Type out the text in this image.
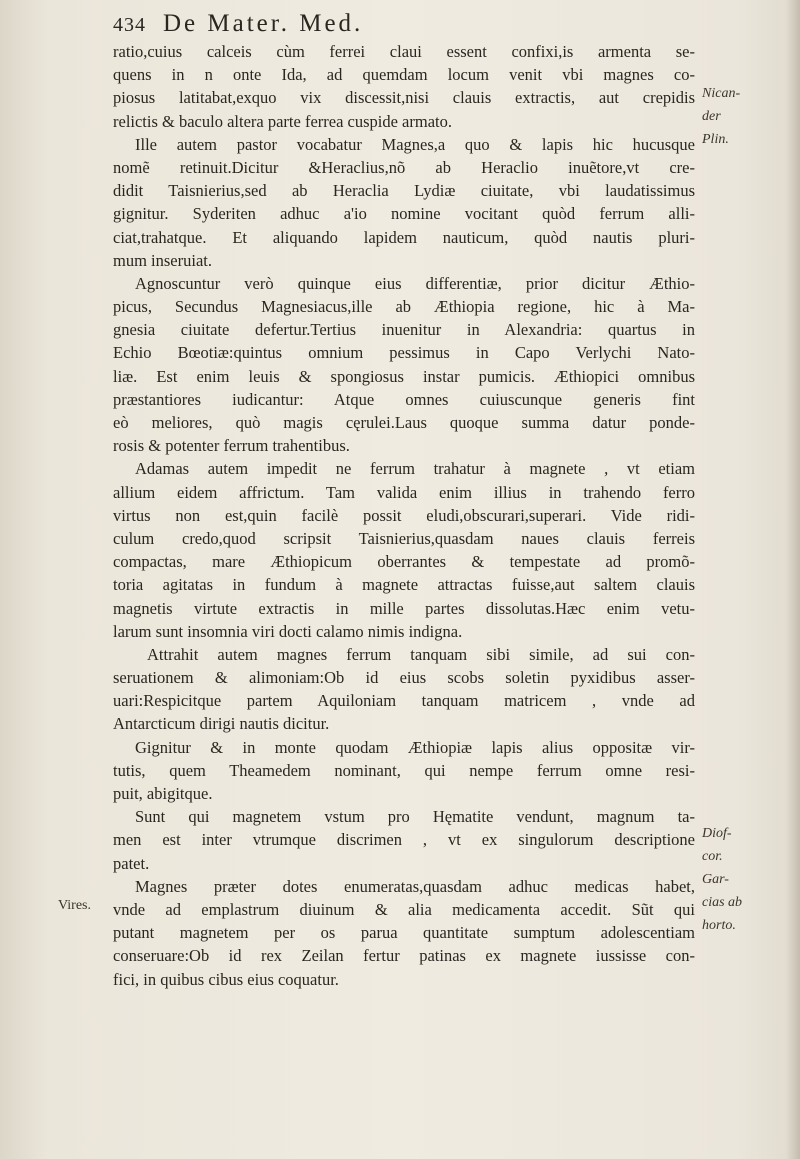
434 De Mater. Med.
ratio,cuius calceis cùm ferrei claui essent confixi,is armenta se-
quens in n onte Ida, ad quemdam locum venit vbi magnes co-
piosus latitabat,exquo vix discessit,nisi clauis extractis, aut crepidis
relictis & baculo altera parte ferrea cuspide armato.
Ille autem pastor vocabatur Magnes,a quo & lapis hic hucusque
nomẽ retinuit.Dicitur &Heraclius,nõ ab Heraclio inuẽtore,vt cre-
didit Taisnierius,sed ab Heraclia Lydiæ ciuitate, vbi laudatissimus
gignitur. Syderiten adhuc a'io nomine vocitant quòd ferrum alli-
ciat,trahatque. Et aliquando lapidem nauticum, quòd nautis pluri-
mum inseruiat.
Agnoscuntur verò quinque eius differentiæ, prior dicitur Æthio-
picus, Secundus Magnesiacus,ille ab Æthiopia regione, hic à Ma-
gnesia ciuitate defertur.Tertius inuenitur in Alexandria: quartus in
Echio Bœotiæ:quintus omnium pessimus in Capo Verlychi Nato-
liæ. Est enim leuis & spongiosus instar pumicis. Æthiopici omnibus
præstantiores iudicantur: Atque omnes cuiuscunque generis fint
eò meliores, quò magis cęrulei.Laus quoque summa datur ponde-
rosis & potenter ferrum trahentibus.
Adamas autem impedit ne ferrum trahatur à magnete , vt etiam
allium eidem affrictum. Tam valida enim illius in trahendo ferro
virtus non est,quin facilè possit eludi,obscurari,superari. Vide ridi-
culum credo,quod scripsit Taisnierius,quasdam naues clauis ferreis
compactas, mare Æthiopicum oberrantes & tempestate ad promõ-
toria agitatas in fundum à magnete attractas fuisse,aut saltem clauis
magnetis virtute extractis in mille partes dissolutas.Hæc enim vetu-
larum sunt insomnia viri docti calamo nimis indigna.
Attrahit autem magnes ferrum tanquam sibi simile, ad sui con-
seruationem & alimoniam:Ob id eius scobs soletin pyxidibus asser-
uari:Respicitque partem Aquiloniam tanquam matricem , vnde ad
Antarcticum dirigi nautis dicitur.
Gignitur & in monte quodam Æthiopiæ lapis alius oppositæ vir-
tutis, quem Theamedem nominant, qui nempe ferrum omne resi-
puit, abigitque.
Sunt qui magnetem vstum pro Hęmatite vendunt, magnum ta-
men est inter vtrumque discrimen , vt ex singulorum descriptione
patet.
Magnes præter dotes enumeratas,quasdam adhuc medicas habet,
vnde ad emplastrum diuinum & alia medicamenta accedit. Sũt qui
putant magnetem per os parua quantitate sumptum adolescentiam
conseruare:Ob id rex Zeilan fertur patinas ex magnete iussisse con-
fici, in quibus cibus eius coquatur.
Nican-
der
Plin.
Diof-
cor.
Gar-
cias ab
horto.
Vires.
